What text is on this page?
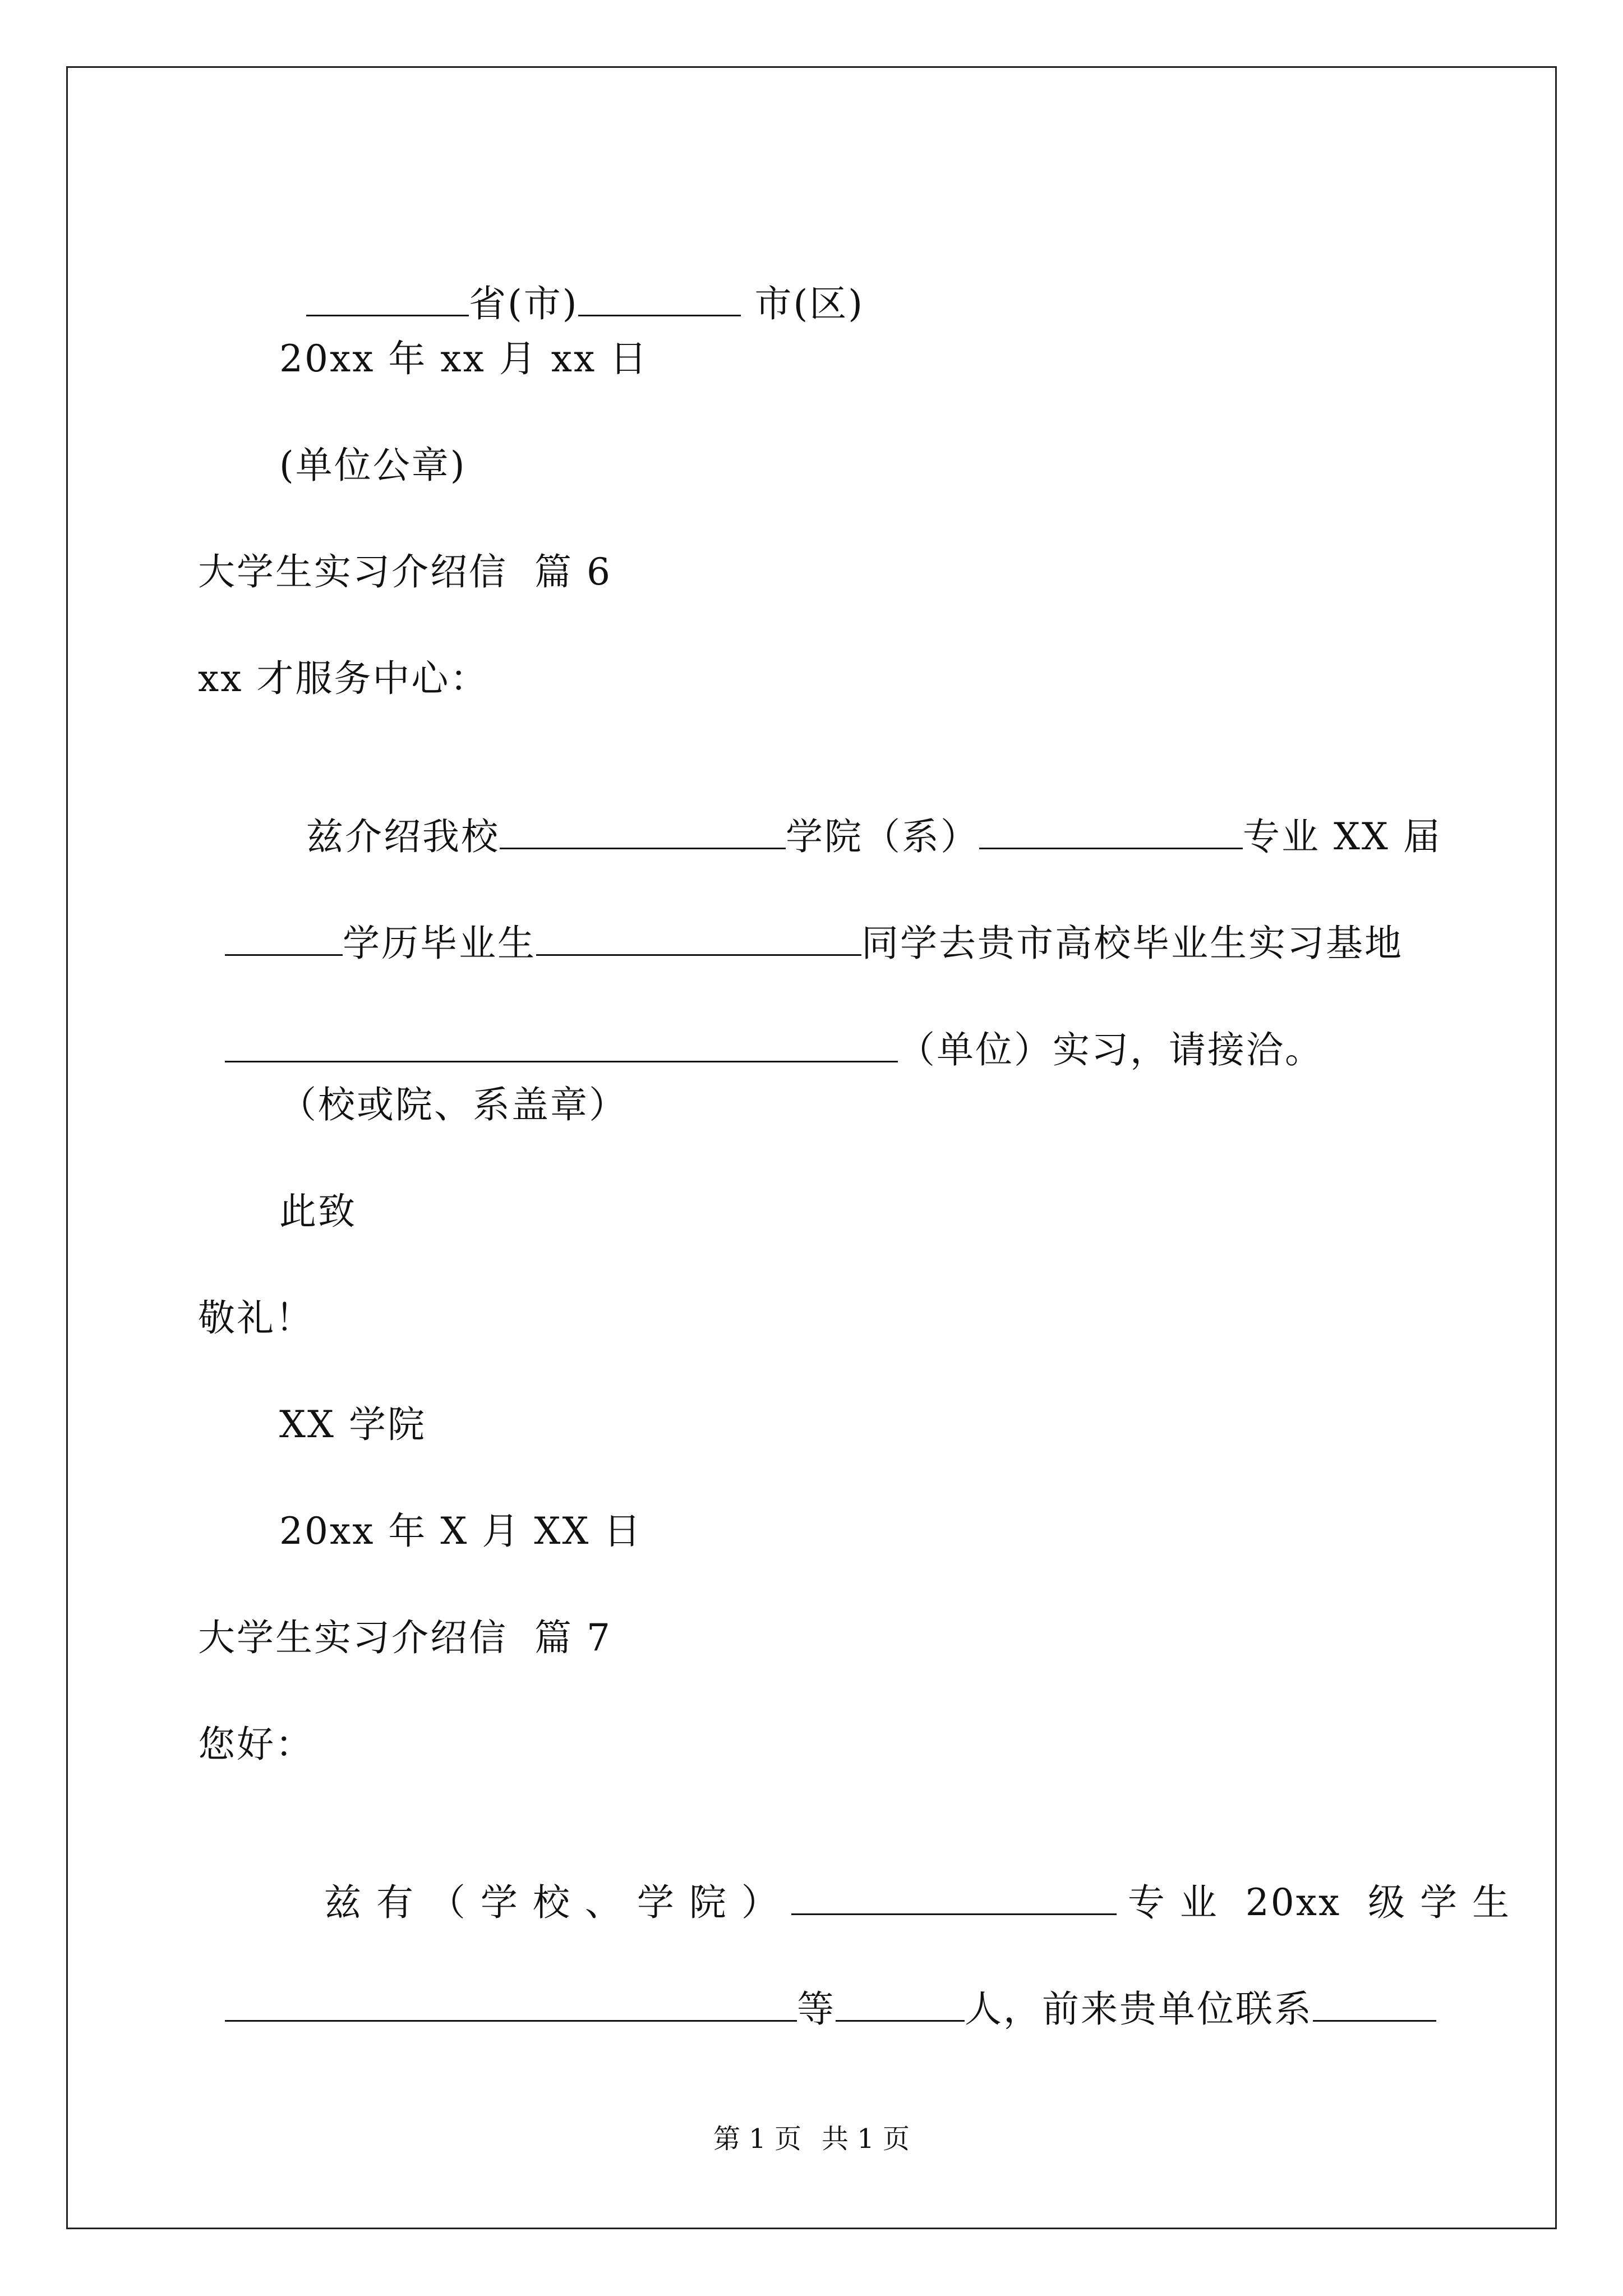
省(市)	市(区)

20xx 年 xx 月 xx 日
(单位公章)
大学生实习介绍信  篇 6
xx 才服务中心：

兹介绍我校	学院（系）	专业 XX 届

学历毕业生	同学去贵市高校毕业生实习基地

（单位）实习，请接洽。

（校或院、系盖章）
此致
敬礼！
XX 学院
20xx 年 X 月 XX 日
大学生实习介绍信  篇 7
您好：

兹 有 （ 学 校 、 学 院 ）	专 业  20xx  级 学 生

等	人，前来贵单位联系

第 1 页 共 1 页
